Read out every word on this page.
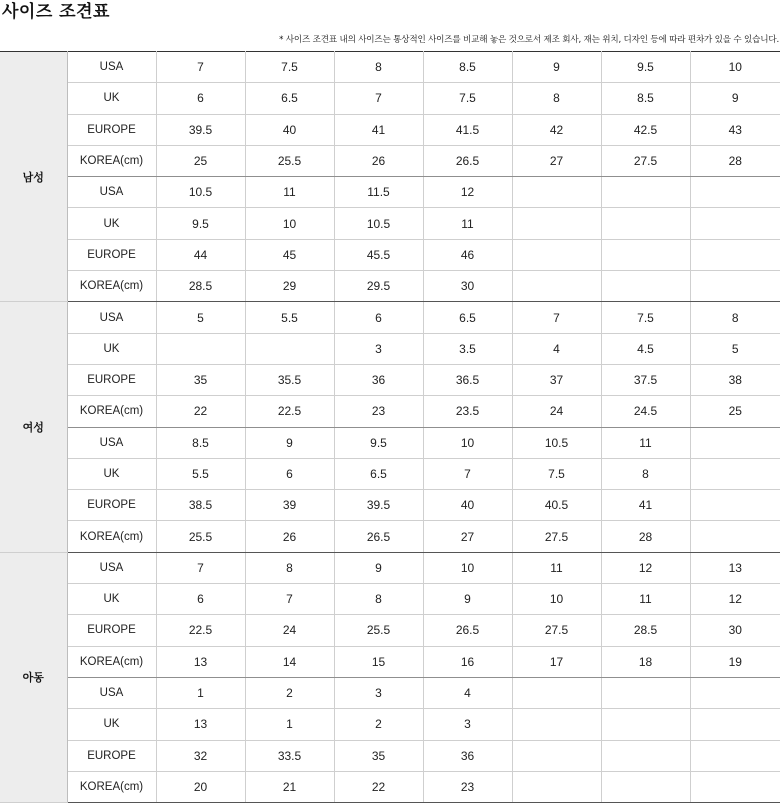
사이즈 조견표
* 사이즈 조견표 내의 사이즈는 통상적인 사이즈를 비교해 놓은 것으로서 제조 회사, 재는 위치, 디자인 등에 따라 편차가 있을 수 있습니다.
남성	USA	7	7.5	8	8.5	9	9.5	10
	UK	6	6.5	7	7.5	8	8.5	9
	EUROPE	39.5	40	41	41.5	42	42.5	43
	KOREA(cm)	25	25.5	26	26.5	27	27.5	28
	USA	10.5	11	11.5	12			
	UK	9.5	10	10.5	11			
	EUROPE	44	45	45.5	46			
	KOREA(cm)	28.5	29	29.5	30			
여성	USA	5	5.5	6	6.5	7	7.5	8
	UK			3	3.5	4	4.5	5
	EUROPE	35	35.5	36	36.5	37	37.5	38
	KOREA(cm)	22	22.5	23	23.5	24	24.5	25
	USA	8.5	9	9.5	10	10.5	11	
	UK	5.5	6	6.5	7	7.5	8	
	EUROPE	38.5	39	39.5	40	40.5	41	
	KOREA(cm)	25.5	26	26.5	27	27.5	28	
아동	USA	7	8	9	10	11	12	13
	UK	6	7	8	9	10	11	12
	EUROPE	22.5	24	25.5	26.5	27.5	28.5	30
	KOREA(cm)	13	14	15	16	17	18	19
	USA	1	2	3	4			
	UK	13	1	2	3			
	EUROPE	32	33.5	35	36			
	KOREA(cm)	20	21	22	23			
